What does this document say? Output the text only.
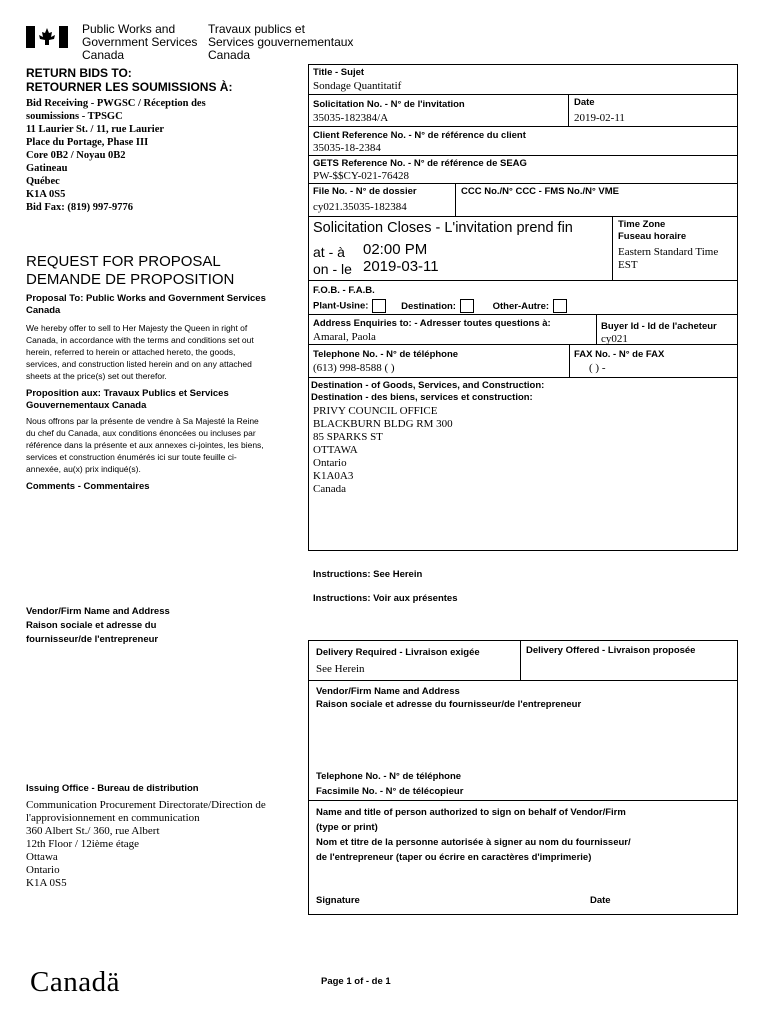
Public Works and
Government Services
Canada
Travaux publics et
Services gouvernementaux
Canada
RETURN BIDS TO:
RETOURNER LES SOUMISSIONS À:
Bid Receiving - PWGSC / Réception des
soumissions - TPSGC
11 Laurier St. / 11, rue Laurier
Place du Portage, Phase III
Core 0B2 / Noyau 0B2
Gatineau
Québec
K1A 0S5
Bid Fax: (819) 997-9776
REQUEST FOR PROPOSAL
DEMANDE DE PROPOSITION
Proposal To: Public Works and Government Services Canada
We hereby offer to sell to Her Majesty the Queen in right of Canada, in accordance with the terms and conditions set out herein, referred to herein or attached hereto, the goods, services, and construction listed herein and on any attached sheets at the price(s) set out therefor.
Proposition aux: Travaux Publics et Services Gouvernementaux Canada
Nous offrons par la présente de vendre à Sa Majesté la Reine du chef du Canada, aux conditions énoncées ou incluses par référence dans la présente et aux annexes ci-jointes, les biens, services et construction énumérés ici sur toute feuille ci-annexée, au(x) prix indiqué(s).
Comments - Commentaires
Vendor/Firm Name and Address
Raison sociale et adresse du
fournisseur/de l'entrepreneur
Issuing Office - Bureau de distribution
Communication Procurement Directorate/Direction de
l'approvisionnement en communication
360 Albert St./ 360, rue Albert
12th Floor / 12ième étage
Ottawa
Ontario
K1A 0S5
Title - Sujet
Sondage Quantitatif
Solicitation No. - N° de l'invitation
35035-182384/A
Date
2019-02-11
Client Reference No. - N° de référence du client
35035-18-2384
GETS Reference No. - N° de référence de SEAG
PW-$$CY-021-76428
File No. - N° de dossier
cy021.35035-182384
CCC No./N° CCC - FMS No./N° VME
Solicitation Closes - L'invitation prend fin
at - à 02:00 PM
on - le 2019-03-11
Time Zone
Fuseau horaire
Eastern Standard Time
EST
F.O.B. - F.A.B.
Plant-Usine:	Destination:	Other-Autre:
Address Enquiries to: - Adresser toutes questions à:
Amaral, Paola
Buyer Id - Id de l'acheteur
cy021
Telephone No. - N° de téléphone
(613) 998-8588 ( )
FAX No. - N° de FAX
( ) -
Destination - of Goods, Services, and Construction:
Destination - des biens, services et construction:
PRIVY COUNCIL OFFICE
BLACKBURN BLDG RM 300
85 SPARKS ST
OTTAWA
Ontario
K1A0A3
Canada
Instructions: See Herein
Instructions: Voir aux présentes
Delivery Required - Livraison exigée
See Herein
Delivery Offered - Livraison proposée
Vendor/Firm Name and Address
Raison sociale et adresse du fournisseur/de l'entrepreneur
Telephone No. - N° de téléphone
Facsimile No. - N° de télécopieur
Name and title of person authorized to sign on behalf of Vendor/Firm
(type or print)
Nom et titre de la personne autorisée à signer au nom du fournisseur/
de l'entrepreneur (taper ou écrire en caractères d'imprimerie)
Signature	Date
Canadä	Page 1 of - de 1
